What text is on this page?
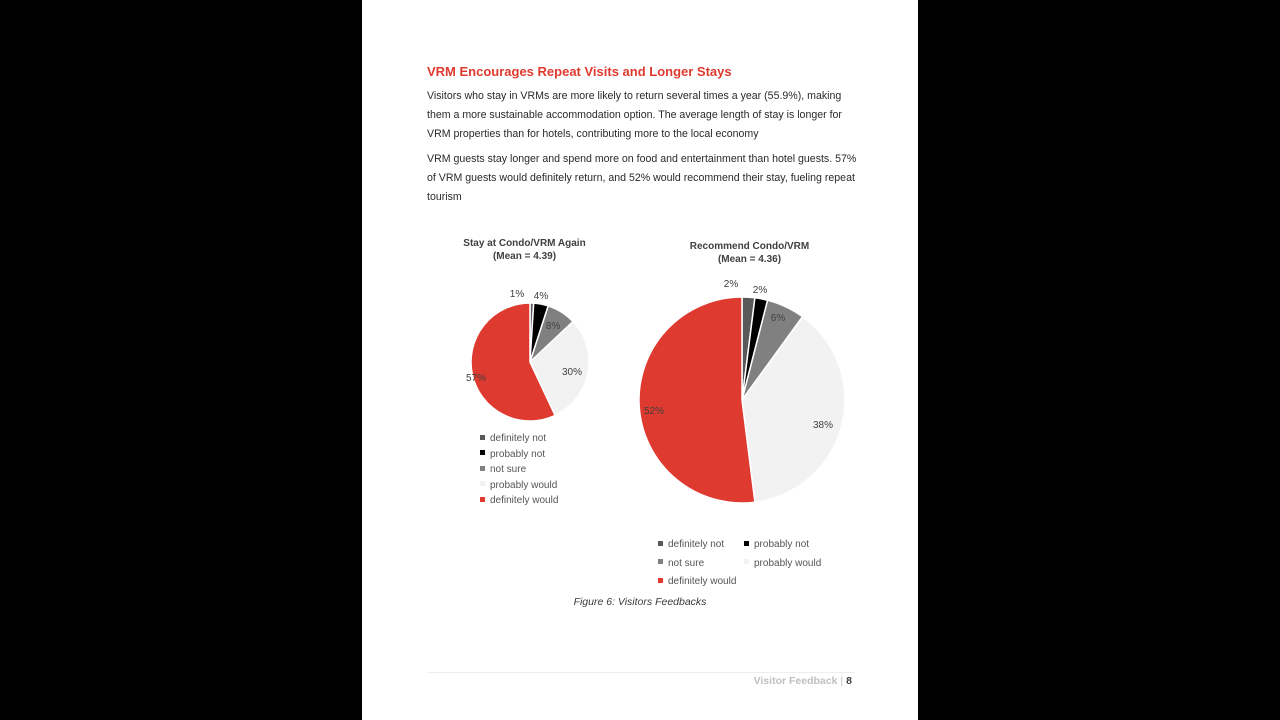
VRM Encourages Repeat Visits and Longer Stays

Visitors who stay in VRMs are more likely to return several times a year (55.9%), making them a more sustainable accommodation option. The average length of stay is longer for VRM properties than for hotels, contributing more to the local economy

VRM guests stay longer and spend more on food and entertainment than hotel guests. 57% of VRM guests would definitely return, and 52% would recommend their stay, fueling repeat tourism

Stay at Condo/VRM Again
(Mean = 4.39)
1% 4%
8%
30%
57%
definitely not
probably not
not sure
probably would
definitely would
Recommend Condo/VRM
(Mean = 4.36)
2%
2%
6%
38%
52%
definitely not	probably notnot sure	probably woulddefinitely would

Figure 6: Visitors Feedbacks

Visitor Feedback | 8
